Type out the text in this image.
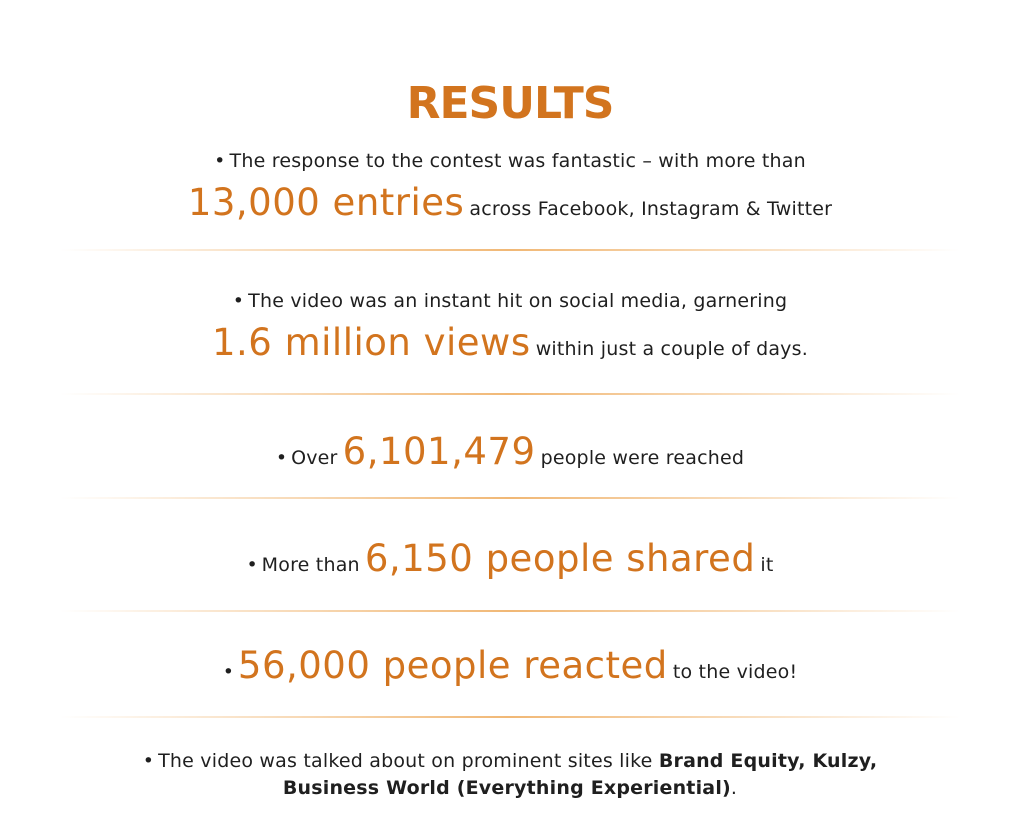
RESULTS
• The response to the contest was fantastic – with more than
13,000 entries across Facebook, Instagram & Twitter
• The video was an instant hit on social media, garnering
1.6 million views within just a couple of days.
• Over 6,101,479 people were reached
• More than 6,150 people shared it
• 56,000 people reacted to the video!
• The video was talked about on prominent sites like Brand Equity, Kulzy,
Business World (Everything Experiential).
